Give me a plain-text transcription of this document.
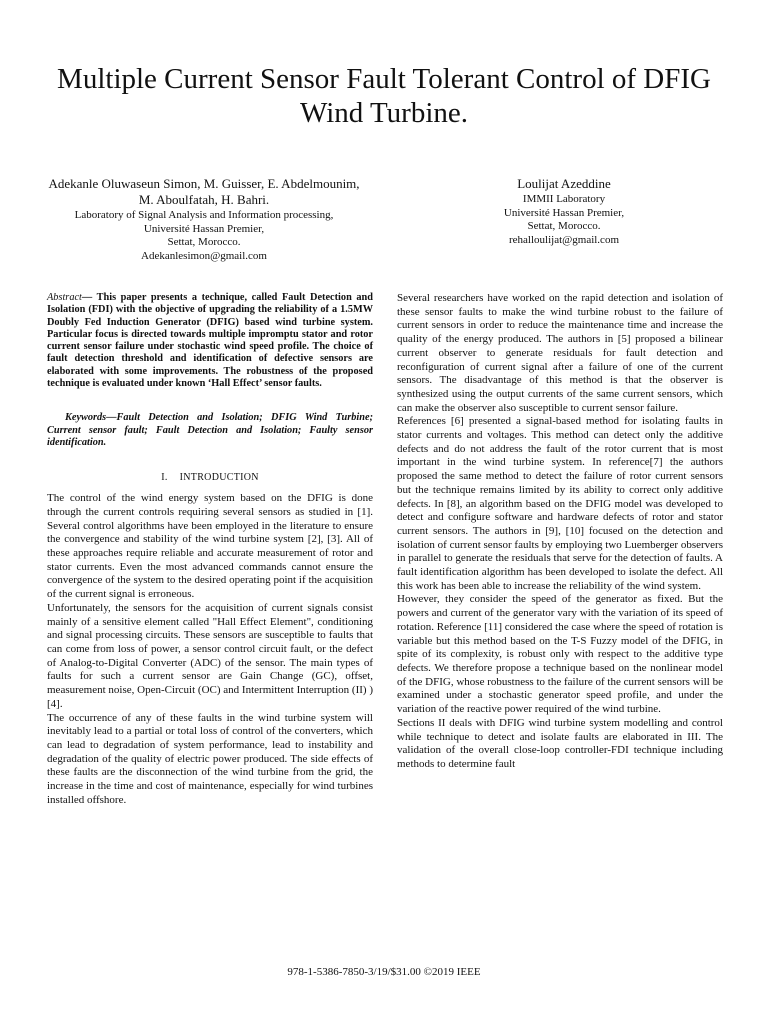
Multiple Current Sensor Fault Tolerant Control of DFIG Wind Turbine.

Adekanle Oluwaseun Simon, M. Guisser, E. Abdelmounim, M. Aboulfatah, H. Bahri.

Laboratory of Signal Analysis and Information processing,

Université Hassan Premier,

Settat, Morocco.

Adekanlesimon@gmail.com

Loulijat Azeddine

IMMII Laboratory

Université Hassan Premier,

Settat, Morocco.

rehalloulijat@gmail.com

Abstract— This paper presents a technique, called Fault Detection and Isolation (FDI) with the objective of upgrading the reliability of a 1.5MW Doubly Fed Induction Generator (DFIG) based wind turbine system. Particular focus is directed towards multiple impromptu stator and rotor current sensor failure under stochastic wind speed profile. The choice of fault detection threshold and identification of defective sensors are elaborated with some improvements. The robustness of the proposed technique is evaluated under known ‘Hall Effect’ sensor faults.

Keywords—Fault Detection and Isolation; DFIG Wind Turbine; Current sensor fault; Fault Detection and Isolation; Faulty sensor identification.

I. INTRODUCTION

The control of the wind energy system based on the DFIG is done through the current controls requiring several sensors as studied in [1]. Several control algorithms have been employed in the literature to ensure the convergence and stability of the wind turbine system [2], [3]. All of these approaches require reliable and accurate measurement of rotor and stator currents. Even the most advanced commands cannot ensure the convergence of the system to the desired operating point if the acquisition of the current signal is erroneous.

Unfortunately, the sensors for the acquisition of current signals consist mainly of a sensitive element called "Hall Effect Element", conditioning and signal processing circuits. These sensors are susceptible to faults that can come from loss of power, a sensor control circuit fault, or the defect of Analog-to-Digital Converter (ADC) of the sensor. The main types of faults for such a current sensor are Gain Change (GC), offset, measurement noise, Open-Circuit (OC) and Intermittent Interruption (II) ) [4].

The occurrence of any of these faults in the wind turbine system will inevitably lead to a partial or total loss of control of the converters, which can lead to degradation of system performance, lead to instability and degradation of the quality of electric power produced. The side effects of these faults are the disconnection of the wind turbine from the grid, the increase in the time and cost of maintenance, especially for wind turbines installed offshore.

Several researchers have worked on the rapid detection and isolation of these sensor faults to make the wind turbine robust to the failure of current sensors in order to reduce the maintenance time and increase the quality of the energy produced. The authors in [5] proposed a bilinear current observer to generate residuals for fault detection and reconfiguration of current signal after a failure of one of the current sensors. The disadvantage of this method is that the observer is synthesized using the output currents of the same current sensors, which can make the observer also susceptible to current sensor failure.

References [6] presented a signal-based method for isolating faults in stator currents and voltages. This method can detect only the additive defects and do not address the fault of the rotor current that is most important in the wind turbine system. In reference[7] the authors proposed the same method to detect the failure of rotor current sensors but the technique remains limited by its ability to correct only additive defects. In [8], an algorithm based on the DFIG model was developed to detect and configure software and hardware defects of rotor and stator current sensors. The authors in [9], [10] focused on the detection and isolation of current sensor faults by employing two Luemberger observers in parallel to generate the residuals that serve for the detection of faults. A fault identification algorithm has been developed to isolate the defect. All this work has been able to increase the reliability of the wind system.

However, they consider the speed of the generator as fixed. But the powers and current of the generator vary with the variation of its speed of rotation. Reference [11] considered the case where the speed of rotation is variable but this method based on the T-S Fuzzy model of the DFIG, in spite of its complexity, is robust only with respect to the additive type defects. We therefore propose a technique based on the nonlinear model of the DFIG, whose robustness to the failure of the current sensors will be examined under a stochastic generator speed profile, and under the variation of the reactive power required of the wind turbine.

Sections II deals with DFIG wind turbine system modelling and control while technique to detect and isolate faults are elaborated in III. The validation of the overall close-loop controller-FDI technique including methods to determine fault

978-1-5386-7850-3/19/$31.00 ©2019 IEEE
